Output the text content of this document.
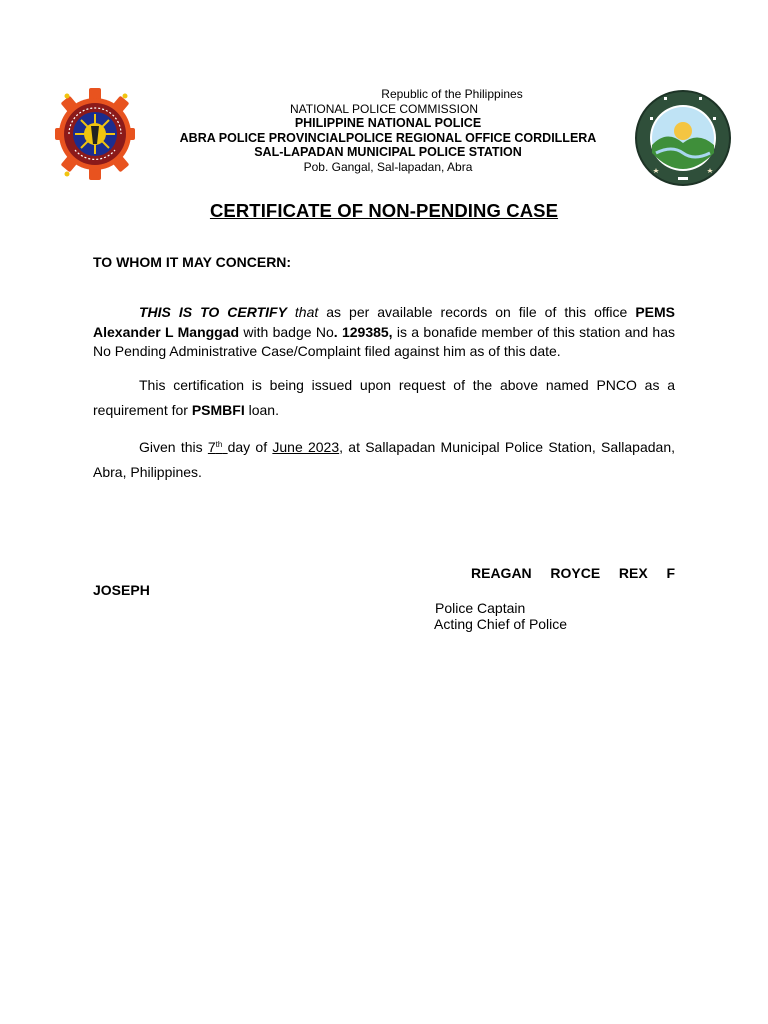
Republic of the Philippines
NATIONAL POLICE COMMISSION
PHILIPPINE NATIONAL POLICE
ABRA POLICE PROVINCIALPOLICE REGIONAL OFFICE CORDILLERA
SAL-LAPADAN MUNICIPAL POLICE STATION
Pob. Gangal, Sal-lapadan, Abra
CERTIFICATE OF NON-PENDING CASE
TO WHOM IT MAY CONCERN:
THIS IS TO CERTIFY that as per available records on file of this office PEMS Alexander L Manggad with badge No. 129385, is a bonafide member of this station and has No Pending Administrative Case/Complaint filed against him as of this date.
This certification is being issued upon request of the above named PNCO as a requirement for PSMBFI loan.
Given this 7th day of June 2023, at Sallapadan Municipal Police Station, Sallapadan, Abra, Philippines.
REAGAN ROYCE REX F
JOSEPH
Police Captain
Acting Chief of Police
